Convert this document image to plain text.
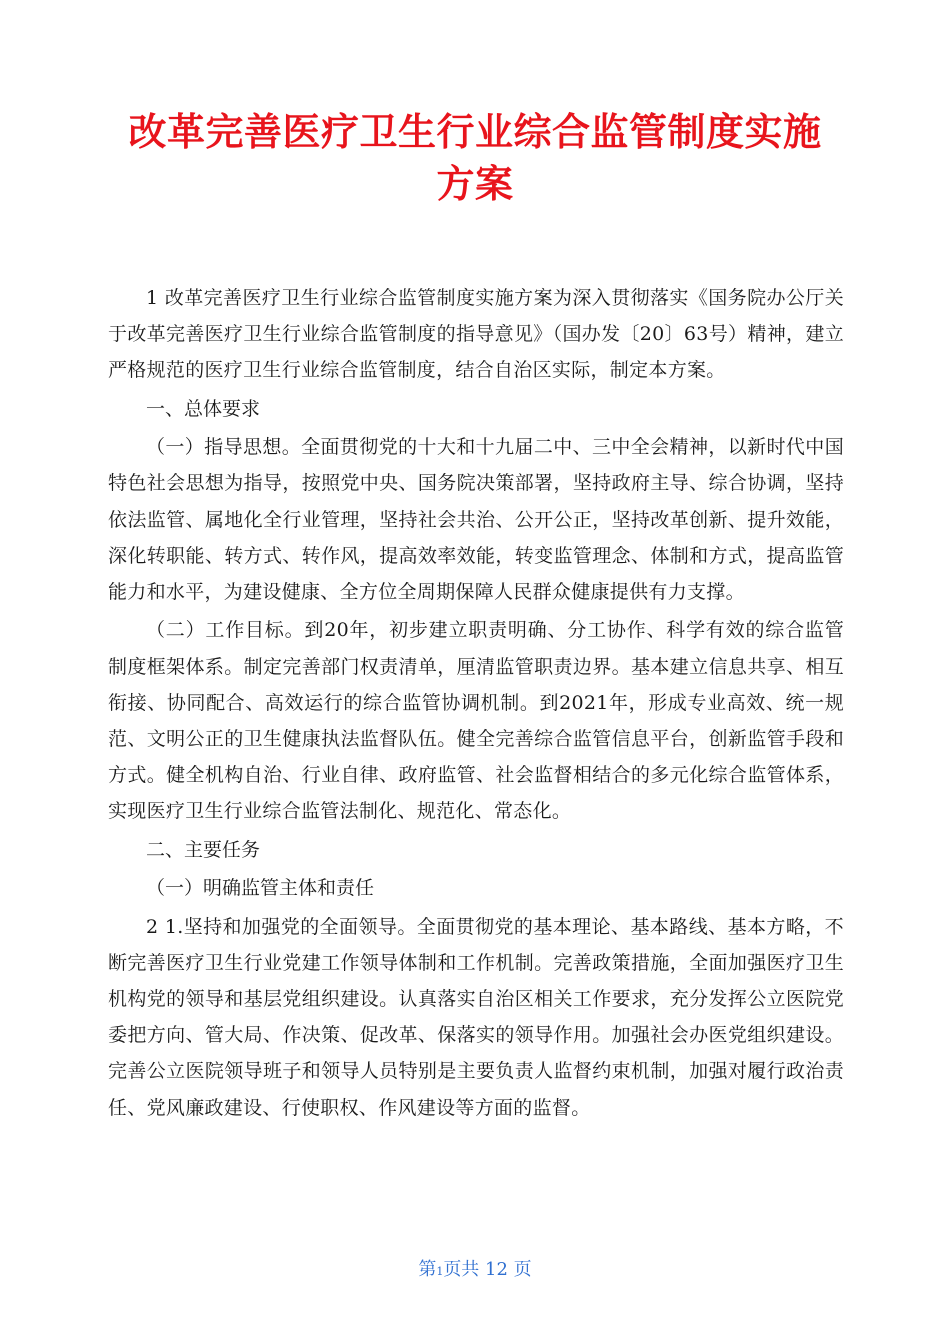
改革完善医疗卫生行业综合监管制度实施
方案

1 改革完善医疗卫生行业综合监管制度实施方案为深入贯彻落实《国务院办公厅关于改革完善医疗卫生行业综合监管制度的指导意见》（国办发〔20〕63号）精神，建立严格规范的医疗卫生行业综合监管制度，结合自治区实际，制定本方案。

一、总体要求

（一）指导思想。全面贯彻党的十大和十九届二中、三中全会精神，以新时代中国特色社会思想为指导，按照党中央、国务院决策部署，坚持政府主导、综合协调，坚持依法监管、属地化全行业管理，坚持社会共治、公开公正，坚持改革创新、提升效能，深化转职能、转方式、转作风，提高效率效能，转变监管理念、体制和方式，提高监管能力和水平，为建设健康、全方位全周期保障人民群众健康提供有力支撑。

（二）工作目标。到20年，初步建立职责明确、分工协作、科学有效的综合监管制度框架体系。制定完善部门权责清单，厘清监管职责边界。基本建立信息共享、相互衔接、协同配合、高效运行的综合监管协调机制。到2021年，形成专业高效、统一规范、文明公正的卫生健康执法监督队伍。健全完善综合监管信息平台，创新监管手段和方式。健全机构自治、行业自律、政府监管、社会监督相结合的多元化综合监管体系，实现医疗卫生行业综合监管法制化、规范化、常态化。

二、主要任务

（一）明确监管主体和责任

2 1.坚持和加强党的全面领导。全面贯彻党的基本理论、基本路线、基本方略，不断完善医疗卫生行业党建工作领导体制和工作机制。完善政策措施，全面加强医疗卫生机构党的领导和基层党组织建设。认真落实自治区相关工作要求，充分发挥公立医院党委把方向、管大局、作决策、促改革、保落实的领导作用。加强社会办医党组织建设。完善公立医院领导班子和领导人员特别是主要负责人监督约束机制，加强对履行政治责任、党风廉政建设、行使职权、作风建设等方面的监督。

第1页共 12 页
